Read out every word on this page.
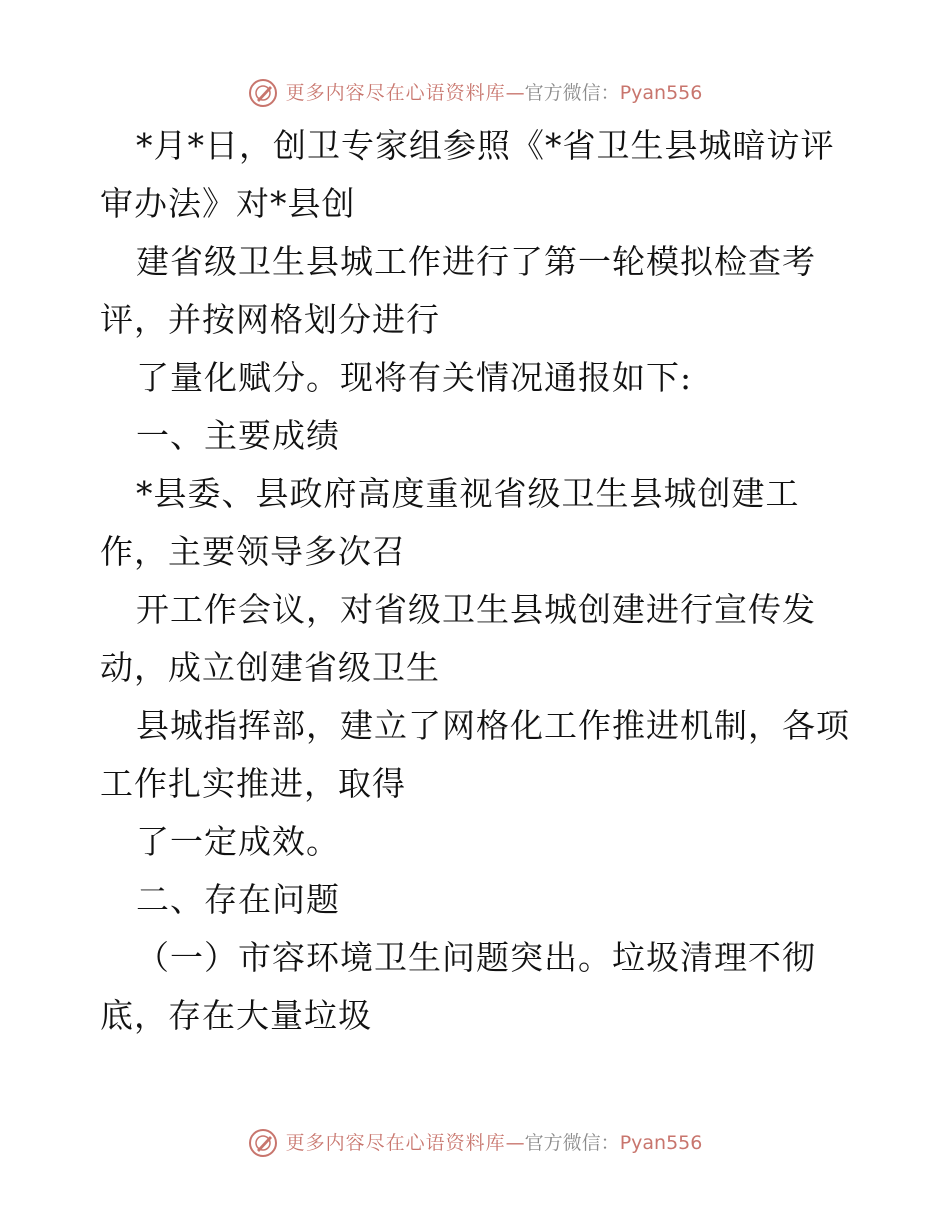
更多内容尽在心语资料库 — 官方微信： Pyan556
*月*日，创卫专家组参照《*省卫生县城暗访评
审办法》对*县创
建省级卫生县城工作进行了第一轮模拟检查考
评，并按网格划分进行
了量化赋分。现将有关情况通报如下:
一、主要成绩
*县委、县政府高度重视省级卫生县城创建工
作，主要领导多次召
开工作会议，对省级卫生县城创建进行宣传发
动，成立创建省级卫生
县城指挥部，建立了网格化工作推进机制，各项
工作扎实推进，取得
了一定成效。
二、存在问题
（一）市容环境卫生问题突出。垃圾清理不彻
底，存在大量垃圾
更多内容尽在心语资料库 — 官方微信： Pyan556
